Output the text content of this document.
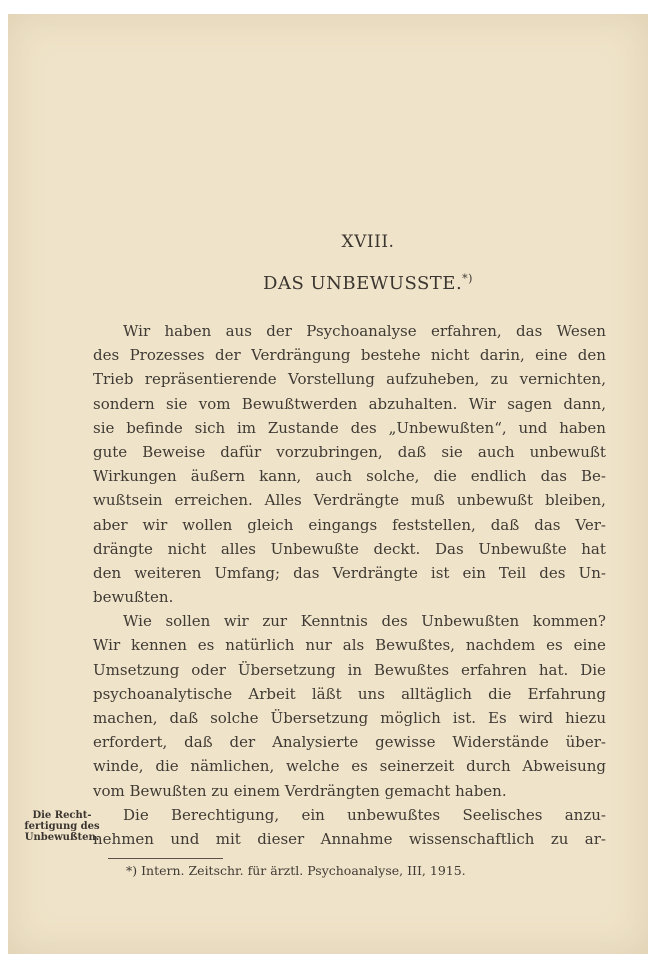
XVIII.
DAS UNBEWUSSTE.*)
Wir haben aus der Psychoanalyse erfahren, das Wesen
des Prozesses der Verdrängung bestehe nicht darin, eine den
Trieb repräsentierende Vorstellung aufzuheben, zu vernichten,
sondern sie vom Bewußtwerden abzuhalten. Wir sagen dann,
sie befinde sich im Zustande des „Unbewußten“, und haben
gute Beweise dafür vorzubringen, daß sie auch unbewußt
Wirkungen äußern kann, auch solche, die endlich das Be-
wußtsein erreichen. Alles Verdrängte muß unbewußt bleiben,
aber wir wollen gleich eingangs feststellen, daß das Ver-
drängte nicht alles Unbewußte deckt. Das Unbewußte hat
den weiteren Umfang; das Verdrängte ist ein Teil des Un-
bewußten.
Wie sollen wir zur Kenntnis des Unbewußten kommen?
Wir kennen es natürlich nur als Bewußtes, nachdem es eine
Umsetzung oder Übersetzung in Bewußtes erfahren hat. Die
psychoanalytische Arbeit läßt uns alltäglich die Erfahrung
machen, daß solche Übersetzung möglich ist. Es wird hiezu
erfordert, daß der Analysierte gewisse Widerstände über-
winde, die nämlichen, welche es seinerzeit durch Abweisung
vom Bewußten zu einem Verdrängten gemacht haben.
Die Berechtigung, ein unbewußtes Seelisches anzu-
nehmen und mit dieser Annahme wissenschaftlich zu ar-
Die Recht-
fertigung des
Unbewußten.
*) Intern. Zeitschr. für ärztl. Psychoanalyse, III, 1915.
